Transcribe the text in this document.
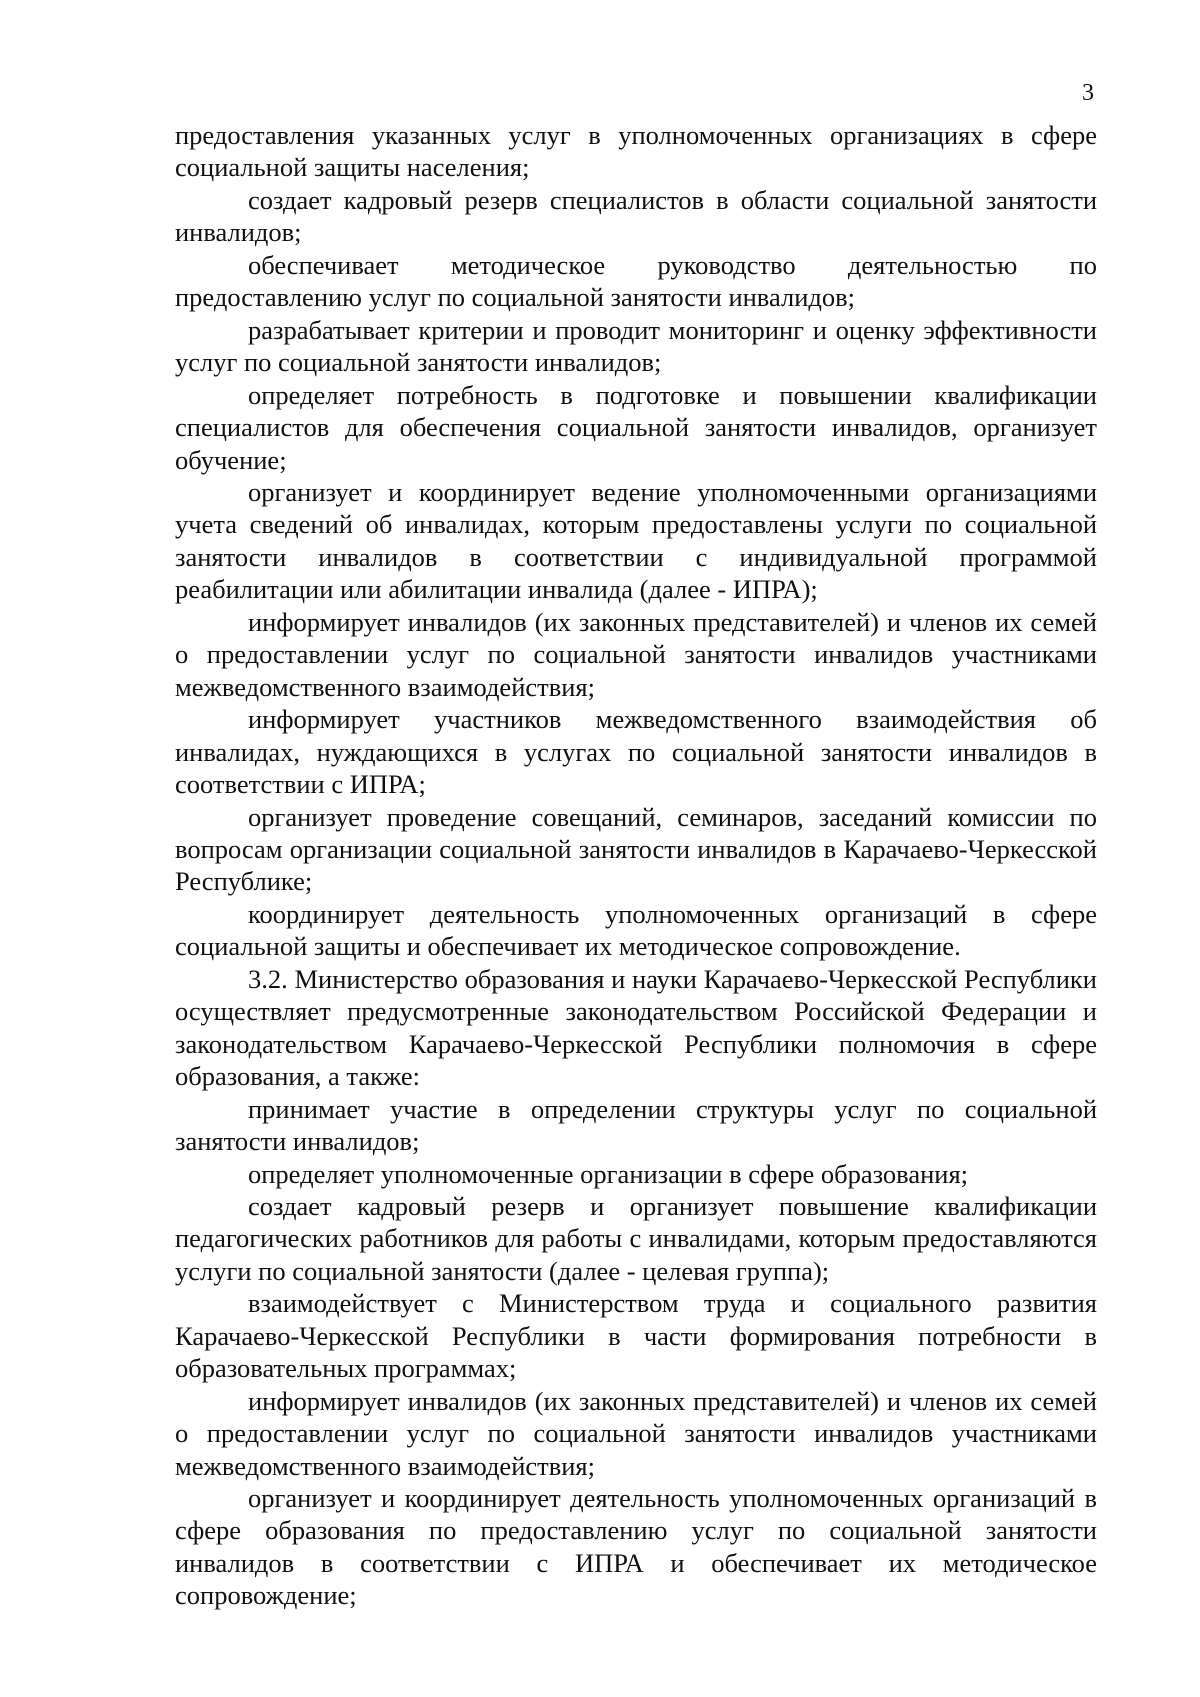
3

предоставления указанных услуг в уполномоченных организациях в сфере социальной защиты населения;

создает кадровый резерв специалистов в области социальной занятости инвалидов;

обеспечивает методическое руководство деятельностью по предоставлению услуг по социальной занятости инвалидов;

разрабатывает критерии и проводит мониторинг и оценку эффективности услуг по социальной занятости инвалидов;

определяет потребность в подготовке и повышении квалификации специалистов для обеспечения социальной занятости инвалидов, организует обучение;

организует и координирует ведение уполномоченными организациями учета сведений об инвалидах, которым предоставлены услуги по социальной занятости инвалидов в соответствии с индивидуальной программой реабилитации или абилитации инвалида (далее - ИПРА);

информирует инвалидов (их законных представителей) и членов их семей о предоставлении услуг по социальной занятости инвалидов участниками межведомственного взаимодействия;

информирует участников межведомственного взаимодействия об инвалидах, нуждающихся в услугах по социальной занятости инвалидов в соответствии с ИПРА;

организует проведение совещаний, семинаров, заседаний комиссии по вопросам организации социальной занятости инвалидов в Карачаево-Черкесской Республике;

координирует деятельность уполномоченных организаций в сфере социальной защиты и обеспечивает их методическое сопровождение.

3.2. Министерство образования и науки Карачаево-Черкесской Республики осуществляет предусмотренные законодательством Российской Федерации и законодательством Карачаево-Черкесской Республики полномочия в сфере образования, а также:

принимает участие в определении структуры услуг по социальной занятости инвалидов;

определяет уполномоченные организации в сфере образования;

создает кадровый резерв и организует повышение квалификации педагогических работников для работы с инвалидами, которым предоставляются услуги по социальной занятости (далее - целевая группа);

взаимодействует с Министерством труда и социального развития Карачаево-Черкесской Республики в части формирования потребности в образовательных программах;

информирует инвалидов (их законных представителей) и членов их семей о предоставлении услуг по социальной занятости инвалидов участниками межведомственного взаимодействия;

организует и координирует деятельность уполномоченных организаций в сфере образования по предоставлению услуг по социальной занятости инвалидов в соответствии с ИПРА и обеспечивает их методическое сопровождение;
